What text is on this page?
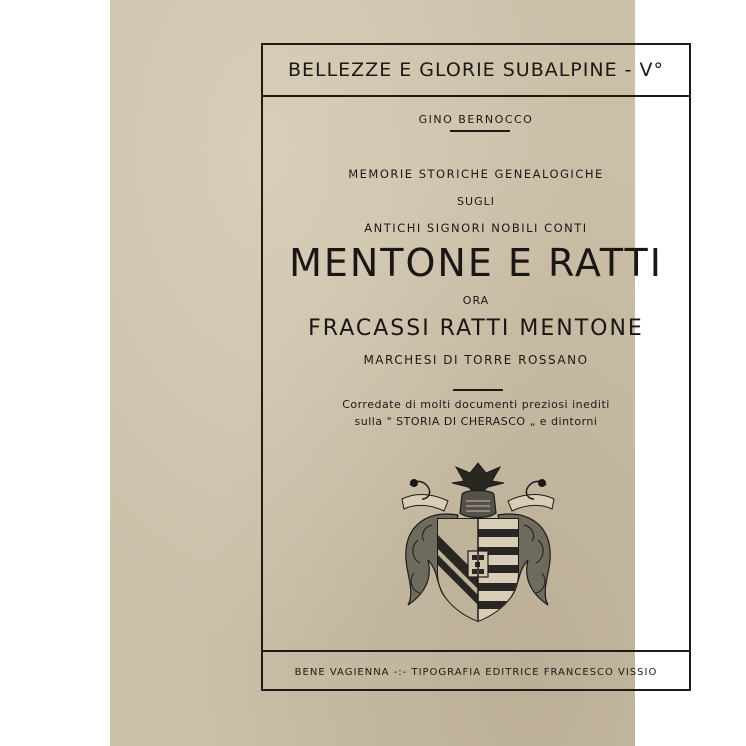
BELLEZZE E GLORIE SUBALPINE - V°
GINO BERNOCCO
MEMORIE STORICHE GENEALOGICHE
SUGLI
ANTICHI SIGNORI NOBILI CONTI
MENTONE E RATTI
ORA
FRACASSI RATTI MENTONE
MARCHESI DI TORRE ROSSANO
Corredate di molti documenti preziosi inediti
sulla " STORIA DI CHERASCO „ e dintorni
BENE VAGIENNA -:- TIPOGRAFIA EDITRICE FRANCESCO VISSIO
